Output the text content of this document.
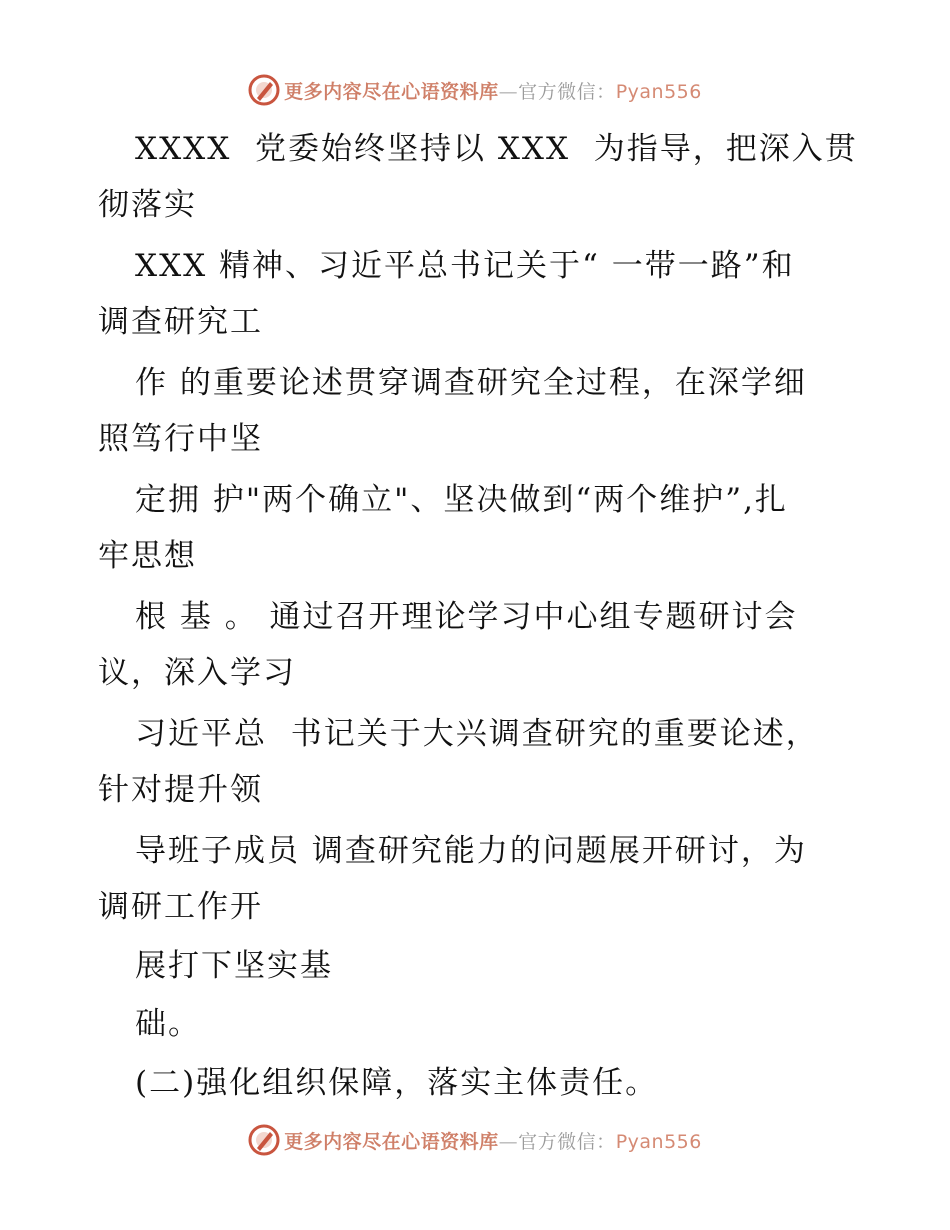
更多内容尽在心语资料库—官方微信：Pyan556
XXXX  党委始终坚持以 XXX  为指导，把深入贯
彻落实
XXX 精神、习近平总书记关于“ 一带一路”和
调查研究工
作 的重要论述贯穿调查研究全过程，在深学细
照笃行中坚
定拥 护"两个确立"、坚决做到“两个维护”,扎
牢思想
根 基 。 通过召开理论学习中心组专题研讨会
议，深入学习
习近平总  书记关于大兴调查研究的重要论述，
针对提升领
导班子成员 调查研究能力的问题展开研讨，为
调研工作开
展打下坚实基
础。
(二)强化组织保障，落实主体责任。
更多内容尽在心语资料库—官方微信：Pyan556
